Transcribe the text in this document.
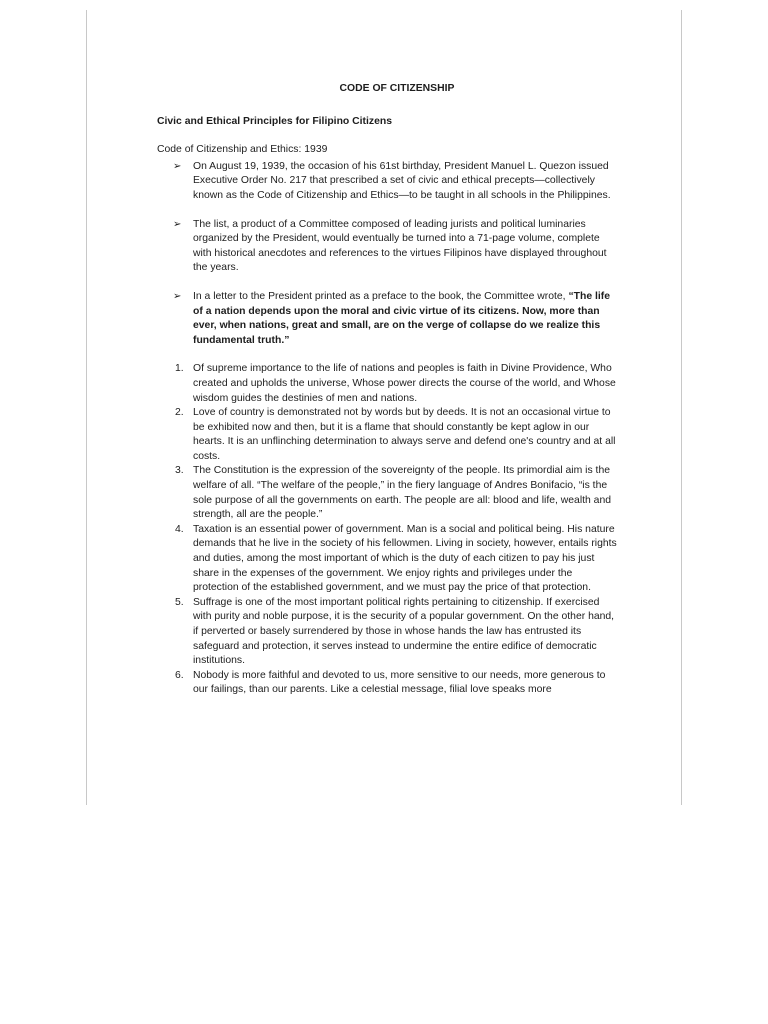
CODE OF CITIZENSHIP
Civic and Ethical Principles for Filipino Citizens
Code of Citizenship and Ethics: 1939
➢ On August 19, 1939, the occasion of his 61st birthday, President Manuel L. Quezon issued Executive Order No. 217 that prescribed a set of civic and ethical precepts—collectively known as the Code of Citizenship and Ethics—to be taught in all schools in the Philippines.
➢ The list, a product of a Committee composed of leading jurists and political luminaries organized by the President, would eventually be turned into a 71-page volume, complete with historical anecdotes and references to the virtues Filipinos have displayed throughout the years.
➢ In a letter to the President printed as a preface to the book, the Committee wrote, “The life of a nation depends upon the moral and civic virtue of its citizens. Now, more than ever, when nations, great and small, are on the verge of collapse do we realize this fundamental truth.”
1. Of supreme importance to the life of nations and peoples is faith in Divine Providence, Who created and upholds the universe, Whose power directs the course of the world, and Whose wisdom guides the destinies of men and nations.
2. Love of country is demonstrated not by words but by deeds. It is not an occasional virtue to be exhibited now and then, but it is a flame that should constantly be kept aglow in our hearts. It is an unflinching determination to always serve and defend one's country and at all costs.
3. The Constitution is the expression of the sovereignty of the people. Its primordial aim is the welfare of all. “The welfare of the people,” in the fiery language of Andres Bonifacio, “is the sole purpose of all the governments on earth. The people are all: blood and life, wealth and strength, all are the people.”
4. Taxation is an essential power of government. Man is a social and political being. His nature demands that he live in the society of his fellowmen. Living in society, however, entails rights and duties, among the most important of which is the duty of each citizen to pay his just share in the expenses of the government. We enjoy rights and privileges under the protection of the established government, and we must pay the price of that protection.
5. Suffrage is one of the most important political rights pertaining to citizenship. If exercised with purity and noble purpose, it is the security of a popular government. On the other hand, if perverted or basely surrendered by those in whose hands the law has entrusted its safeguard and protection, it serves instead to undermine the entire edifice of democratic institutions.
6. Nobody is more faithful and devoted to us, more sensitive to our needs, more generous to our failings, than our parents. Like a celestial message, filial love speaks more
